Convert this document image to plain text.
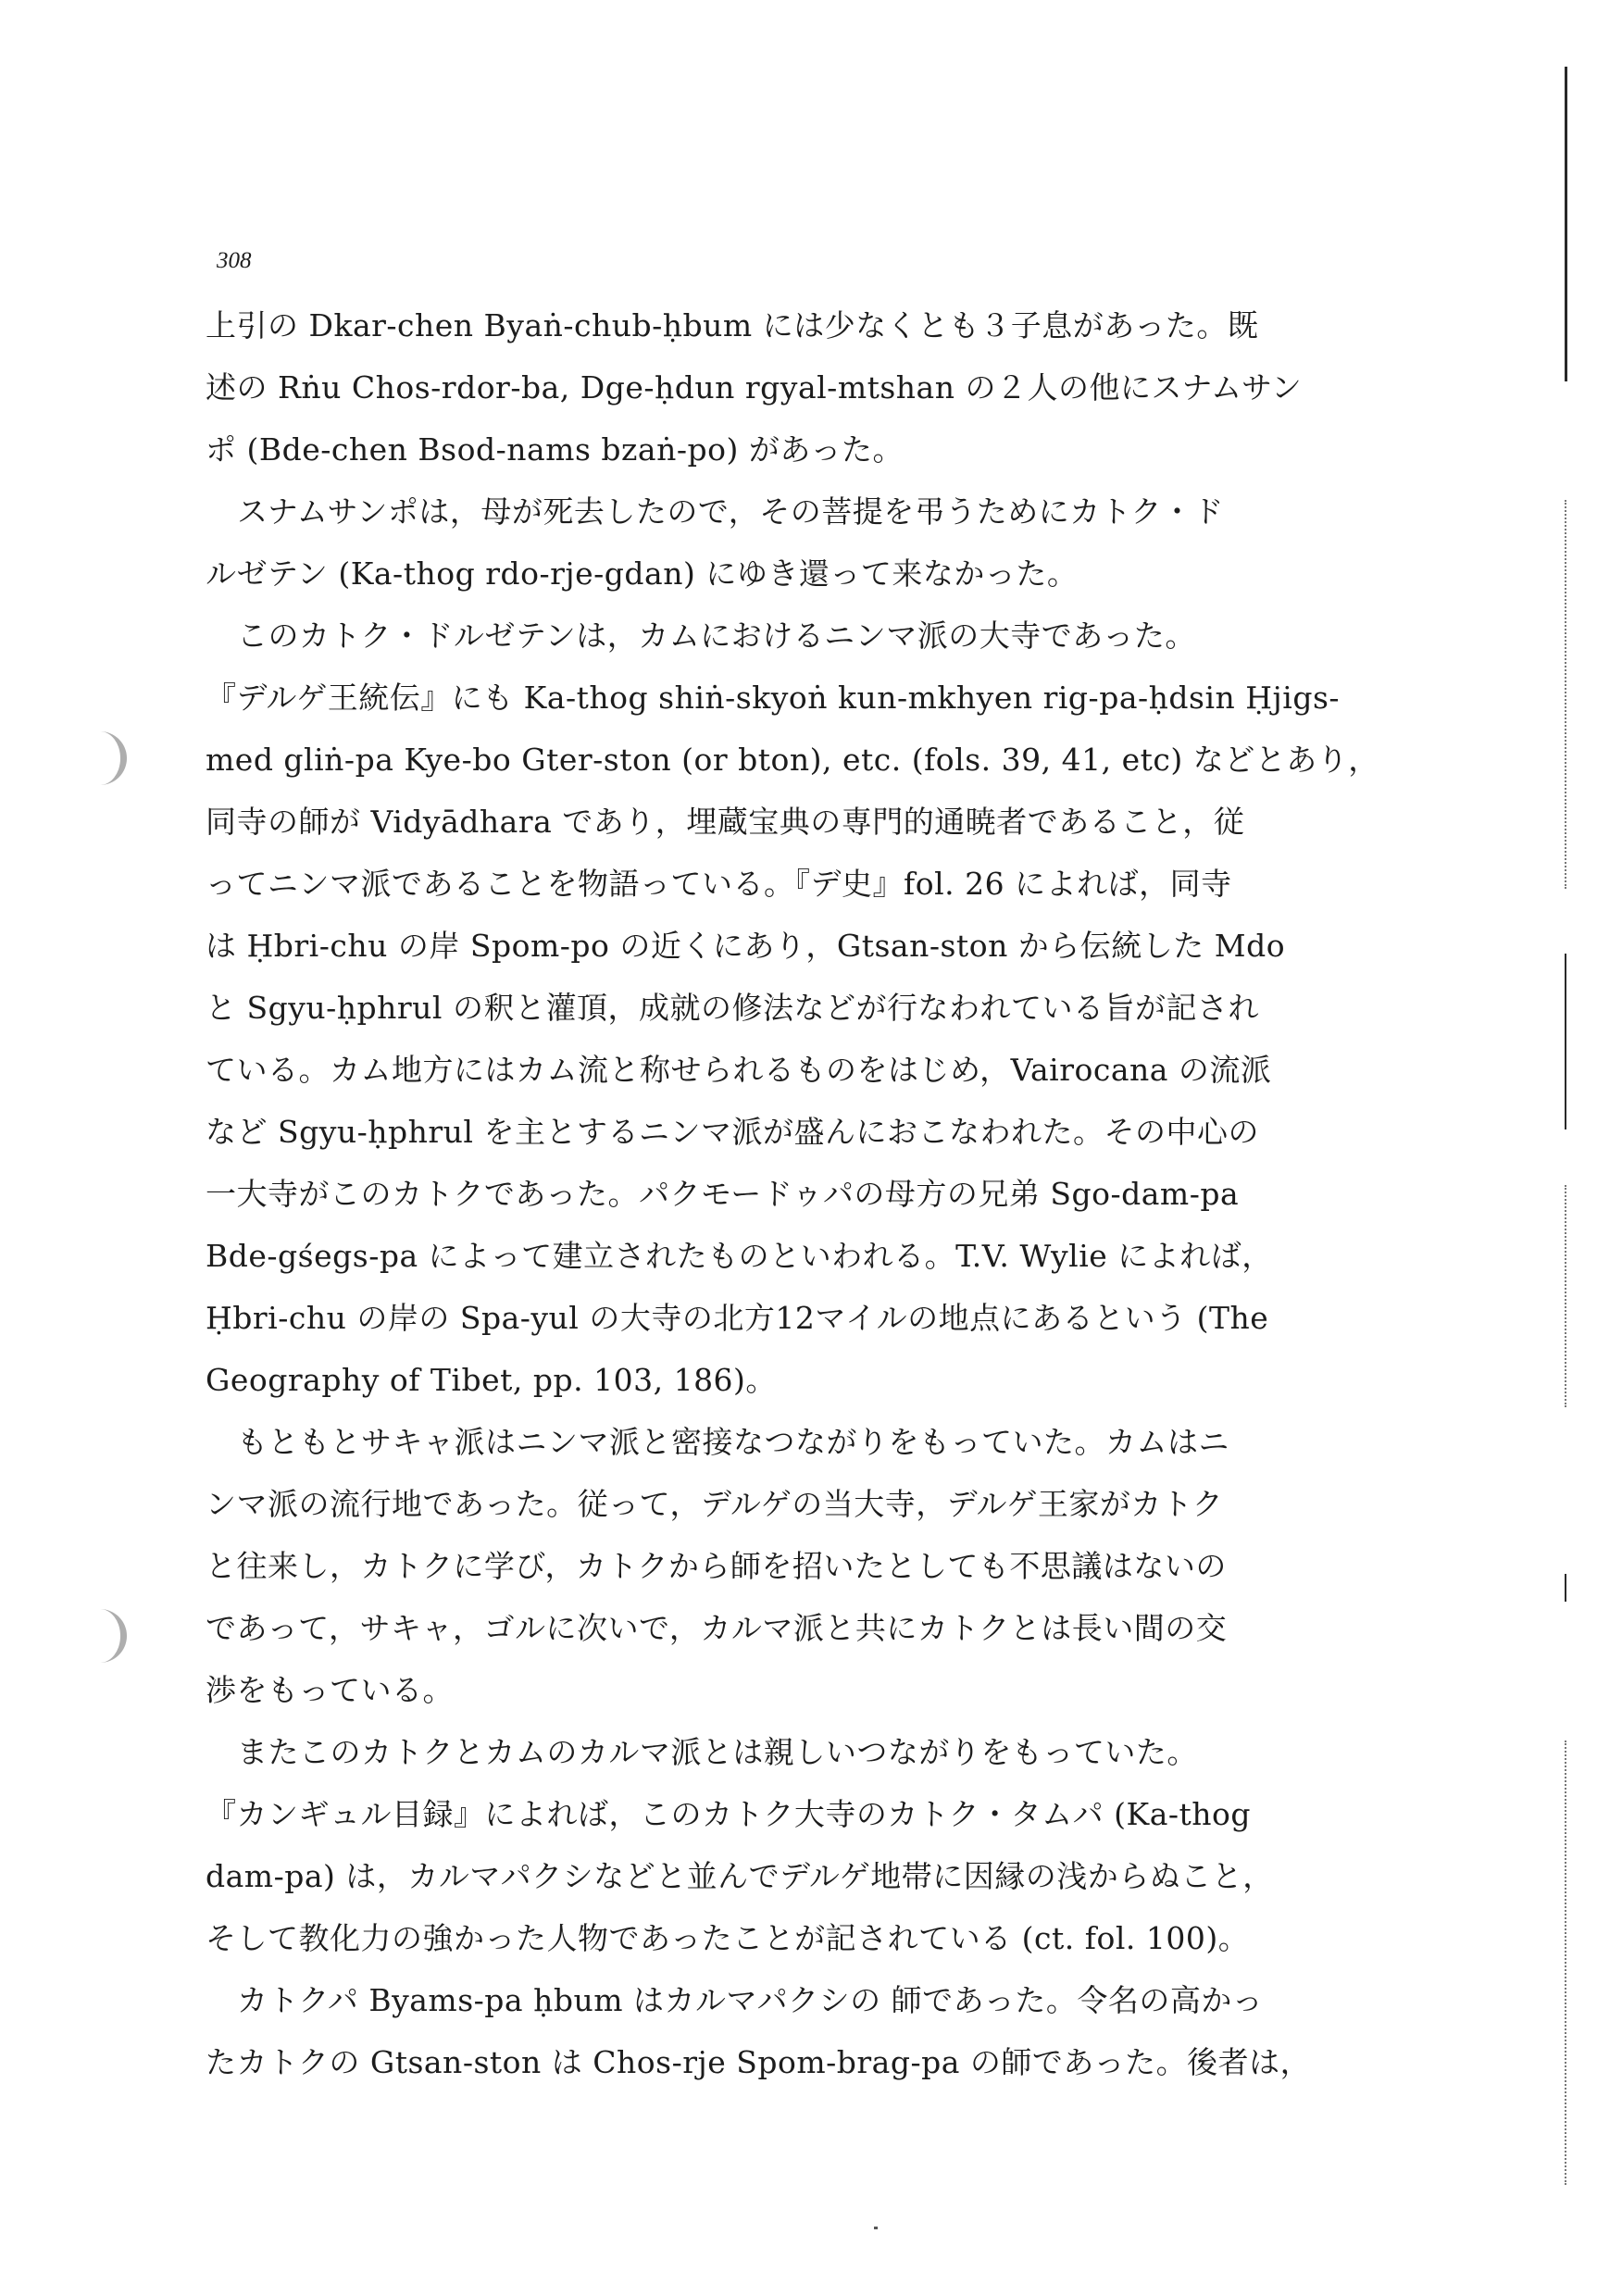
308
上引の Dkar-chen Byaṅ-chub-ḥbum には少なくとも３子息があった。既
述の Rṅu Chos-rdor-ba, Dge-ḥdun rgyal-mtshan の２人の他にスナムサン
ポ (Bde-chen Bsod-nams bzaṅ-po) があった。
スナムサンポは，母が死去したので，その菩提を弔うためにカトク・ド
ルゼテン (Ka-thog rdo-rje-gdan) にゆき還って来なかった。
このカトク・ドルゼテンは，カムにおけるニンマ派の大寺であった。
『デルゲ王統伝』にも Ka-thog shiṅ-skyoṅ kun-mkhyen rig-pa-ḥdsin Ḥjigs-
med gliṅ-pa Kye-bo Gter-ston (or bton), etc. (fols. 39, 41, etc) などとあり，
同寺の師が Vidyādhara であり，埋蔵宝典の専門的通暁者であること，従
ってニンマ派であることを物語っている。『デ史』fol. 26 によれば，同寺
は Ḥbri-chu の岸 Spom-po の近くにあり，Gtsan-ston から伝統した Mdo
と Sgyu-ḥphrul の釈と灌頂，成就の修法などが行なわれている旨が記され
ている。カム地方にはカム流と称せられるものをはじめ，Vairocana の流派
など Sgyu-ḥphrul を主とするニンマ派が盛んにおこなわれた。その中心の
一大寺がこのカトクであった。パクモードゥパの母方の兄弟 Sgo-dam-pa
Bde-gśegs-pa によって建立されたものといわれる。T.V. Wylie によれば，
Ḥbri-chu の岸の Spa-yul の大寺の北方12マイルの地点にあるという (The
Geography of Tibet, pp. 103, 186)。
もともとサキャ派はニンマ派と密接なつながりをもっていた。カムはニ
ンマ派の流行地であった。従って，デルゲの当大寺，デルゲ王家がカトク
と往来し，カトクに学び，カトクから師を招いたとしても不思議はないの
であって，サキャ，ゴルに次いで，カルマ派と共にカトクとは長い間の交
渉をもっている。
またこのカトクとカムのカルマ派とは親しいつながりをもっていた。
『カンギュル目録』によれば，このカトク大寺のカトク・タムパ (Ka-thog
dam-pa) は，カルマパクシなどと並んでデルゲ地帯に因縁の浅からぬこと，
そして教化力の強かった人物であったことが記されている (ct. fol. 100)。
カトクパ Byams-pa ḥbum はカルマパクシの 師であった。令名の高かっ
たカトクの Gtsan-ston は Chos-rje Spom-brag-pa の師であった。後者は，
